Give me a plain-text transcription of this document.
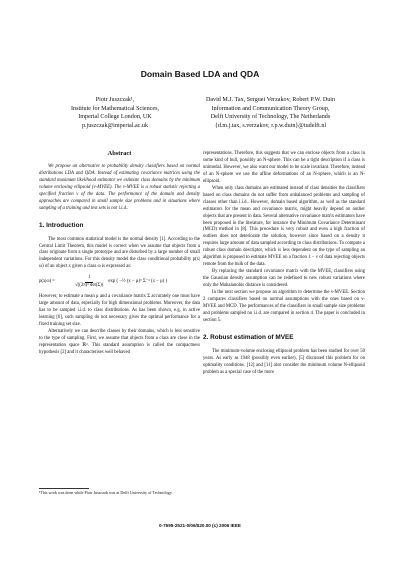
Domain Based LDA and QDA
Piotr Juszczak¹,
Institute for Mathematical Sciences,
Imperial College London, UK
p.juszczak@imperial.ac.uk
David M.J. Tax, Serguei Verzakov, Robert P.W. Duin
Information and Communication Theory Group,
Delft University of Technology, The Netherlands
{d.m.j.tax, s.verzakov, r.p.w.duin}@tudelft.nl
Abstract

We propose an alternative to probability density classifiers based on normal distributions LDA and QDA. Instead of estimating covariance matrices using the standard maximum likelihood estimator we estimate class domains by the minimum volume enclosing ellipsoid (ν-MVEE). The ν-MVEE is a robust statistic rejecting a specified fraction ν of the data. The performance of the domain and density approaches are compared in small sample size problems and in situations where sampling of a training and test sets is not i.i.d..

1. Introduction

The most common statistical model is the normal density [1]. According to the Central Limit Theorem, this model is correct when we assume that objects from a class originate from a single prototype and are disturbed by a large number of small independent variations. For this density model the class conditional probability p(x|ω) of an object x given a class ω is expressed as:

p(x|ω) =	$\frac{1}{\text{√((2π)ᵈ det(Σ))}}$ exp ( −½ (x − μ)ᵀ Σ⁻¹ (x − μ) )

However, to estimate a mean μ and a covariance matrix Σ accurately one must have large amount of data, especially for high dimensional problems. Moreover, the data has to be sampled i.i.d. to class distributions. As has been shown, e.g. in active learning [6], such sampling do not necessary gives the optimal performance for a fixed training set size.

Alternatively we can describe classes by their domains, which is less sensitive to the type of sampling. First, we assume that objects from a class are close in the representation space ℝᵈ. This standard assumption is called the compactness hypothesis [2] and it characterises well behaved

representations. Therefore, this suggests that we can enclose objects from a class in some kind of hull, possibly an N-sphere. This can be a tight description if a class is unimodal. However, we also want our model to be scale invariant. Therefore, instead of an N-sphere we use the affine deformations of an N-sphere, which is an N-ellipsoid.

When only class domains are estimated instead of class densities the classifiers based on class domains do not suffer from unbalanced problems and sampling of classes other than i.i.d.. However, domain based algorithm, as well as the standard estimators for the mean and covariance matrix, might heavily depend on outlier objects that are present in data. Several alternative covariance matrix estimators have been proposed in the literature, for instance the Minimum Covariance Determinant (MCD) method in [8]. This procedure is very robust and even a high fraction of outliers does not deteriorate the solution, however since based on a density it requires large amount of data sampled according to class distributions. To compute a robust class domain descriptor, which is less dependent on the type of sampling an algorithm is proposed to estimate MVEE on a fraction 1 − ν of data rejecting objects remote from the bulk of the data.

By replacing the standard covariance matrix with the MVEE, classifiers using the Gaussian density assumption can be redefined to new robust variations where only the Mahalanobis distance is considered.

In the next section we propose an algorithm to determine the ν-MVEE. Section 2 compares classifiers based on normal assumptions with the ones based on ν-MVEE and MCD. The performances of the classifiers in small sample size problems and problems sampled no i.i.d. are compared in section 4. The paper is concluded in section 5.

2. Robust estimation of MVEE

The minimum-volume enclosing ellipsoid problem has been studied for over 50 years. As early as 1948 (possibly even earlier), [5] discussed this problem for on optimality conditions. [12] and [11] also consider the minimum volume N-ellipsoid problem as a special case of the more

¹This work was done while Piotr Juszczak was at Delft University of Technology.
0-7695-2521-0/06/$20.00 (c) 2006 IEEE
